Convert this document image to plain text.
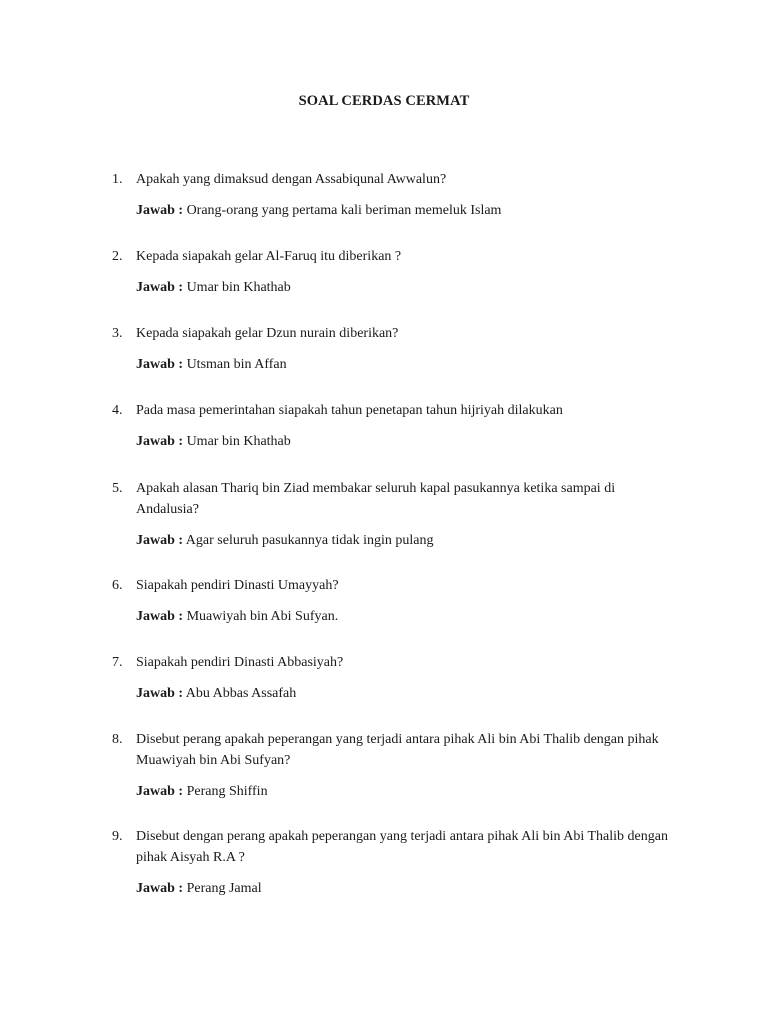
SOAL CERDAS CERMAT
1. Apakah yang dimaksud dengan Assabiqunal Awwalun?
Jawab : Orang-orang yang pertama kali beriman memeluk Islam
2. Kepada siapakah gelar Al-Faruq itu diberikan ?
Jawab : Umar bin Khathab
3. Kepada siapakah gelar Dzun nurain diberikan?
Jawab : Utsman bin Affan
4. Pada masa pemerintahan siapakah tahun penetapan tahun hijriyah dilakukan
Jawab : Umar bin Khathab
5. Apakah alasan Thariq bin Ziad membakar seluruh kapal pasukannya ketika sampai di Andalusia?
Jawab : Agar seluruh pasukannya tidak ingin pulang
6. Siapakah pendiri Dinasti Umayyah?
Jawab : Muawiyah bin Abi Sufyan.
7. Siapakah pendiri Dinasti Abbasiyah?
Jawab : Abu Abbas Assafah
8. Disebut perang apakah peperangan yang terjadi antara pihak Ali bin Abi Thalib dengan pihak Muawiyah bin Abi Sufyan?
Jawab : Perang Shiffin
9. Disebut dengan perang apakah peperangan yang terjadi antara pihak Ali bin Abi Thalib dengan pihak Aisyah R.A ?
Jawab : Perang Jamal
